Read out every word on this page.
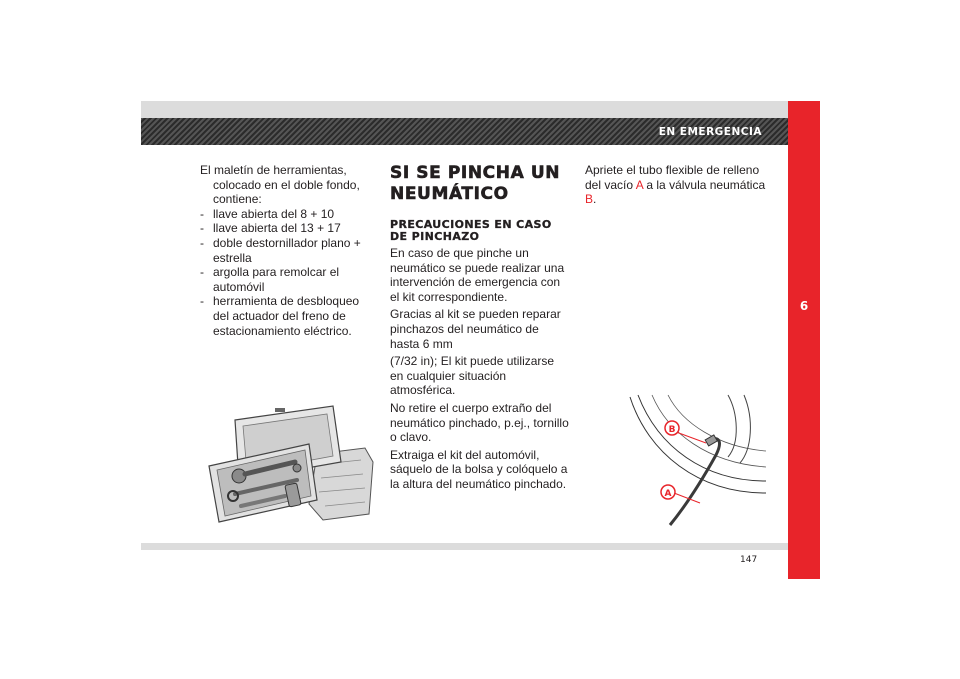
EN EMERGENCIA
6

El maletín de herramientas, colocado en el doble fondo, contiene:

- llave abierta del 8 + 10
- llave abierta del 13 + 17
- doble destornillador plano + estrella
- argolla para remolcar el automóvil
- herramienta de desbloqueo del actuador del freno de estacionamiento eléctrico.
SI SE PINCHA UN NEUMÁTICO
PRECAUCIONES EN CASO DE PINCHAZO

En caso de que pinche un neumático se puede realizar una intervención de emergencia con el kit correspondiente.

Gracias al kit se pueden reparar pinchazos del neumático de hasta 6 mm

(7/32 in); El kit puede utilizarse en cualquier situación atmosférica.

No retire el cuerpo extraño del neumático pinchado, p.ej., tornillo o clavo.

Extraiga el kit del automóvil, sáquelo de la bolsa y colóquelo a la altura del neumático pinchado.

Apriete el tubo flexible de relleno del vacío A a la válvula neumática B.

B
A
147
